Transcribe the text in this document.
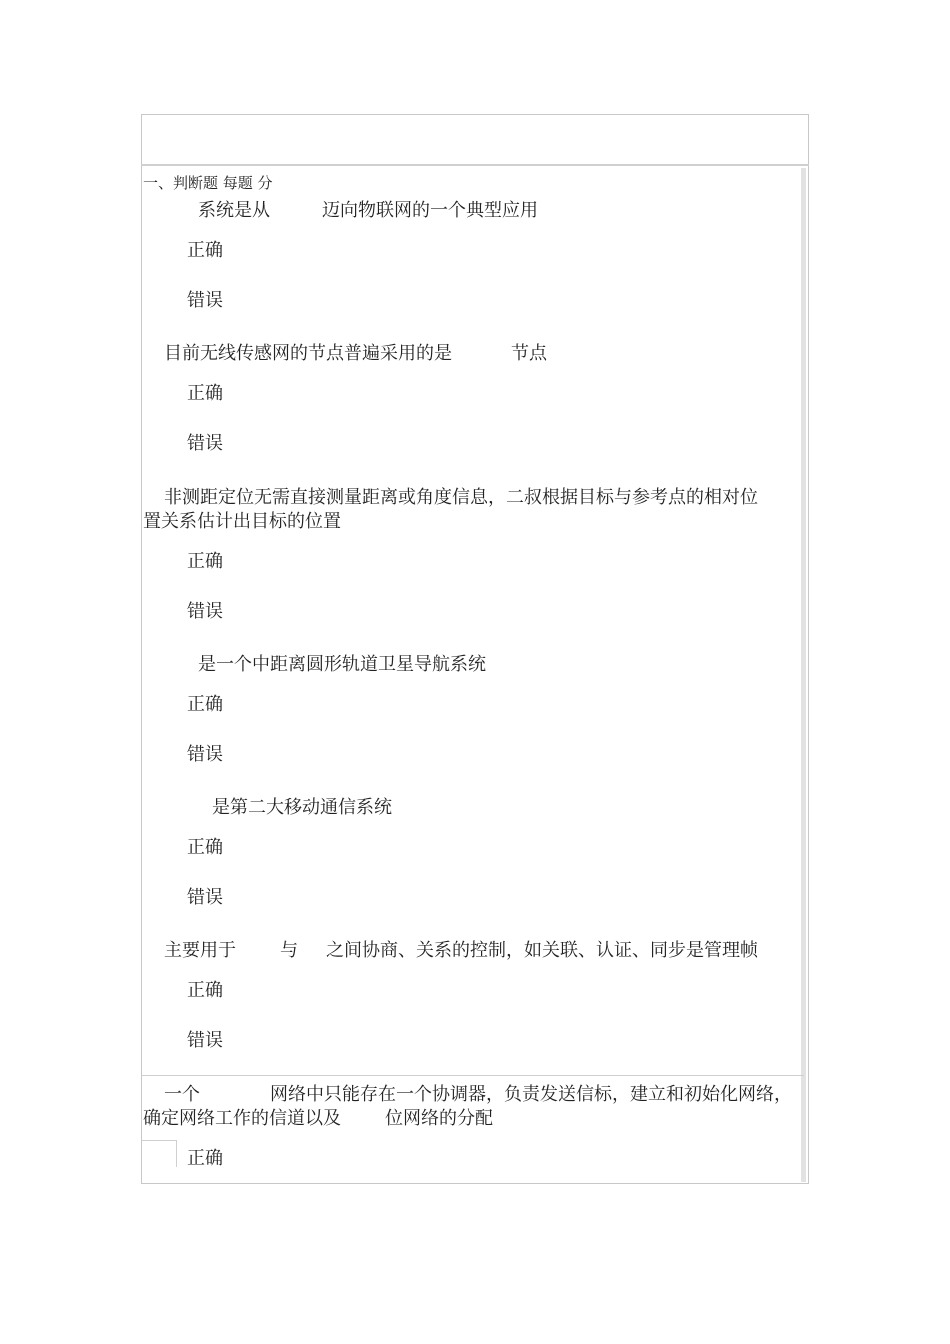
一、判断题 每题 分
系统是从	迈向物联网的一个典型应用
正确
错误
目前无线传感网的节点普遍采用的是	节点
正确
错误
非测距定位无需直接测量距离或角度信息，二叔根据目标与参考点的相对位
置关系估计出目标的位置
正确
错误
是一个中距离圆形轨道卫星导航系统
正确
错误
是第二大移动通信系统
正确
错误
主要用于 与 之间协商、关系的控制，如关联、认证、同步是管理帧
正确
错误
一个	网络中只能存在一个协调器，负责发送信标，建立和初始化网络，
确定网络工作的信道以及 位网络的分配
正确
